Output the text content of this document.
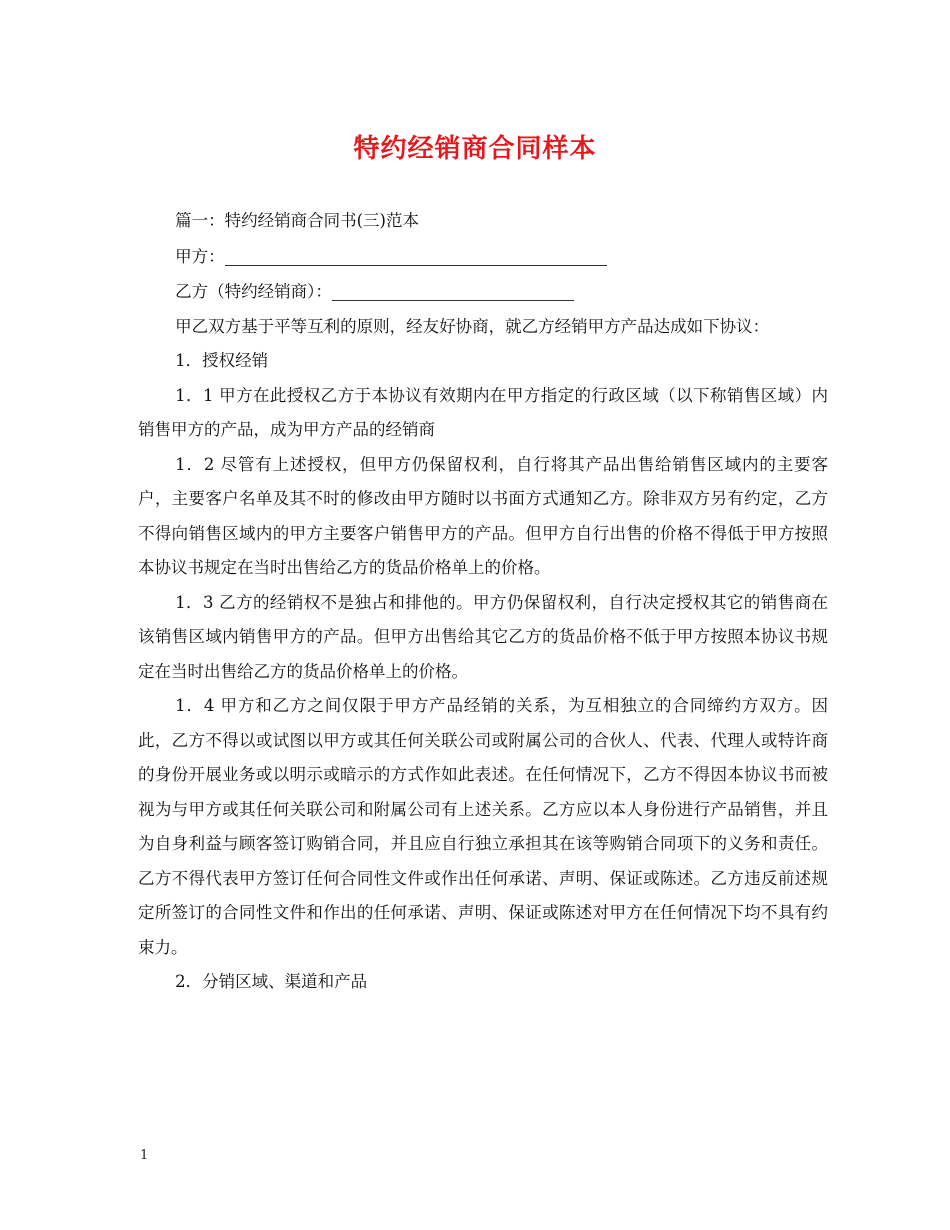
特约经销商合同样本

篇一：特约经销商合同书(三)范本

甲方：

乙方（特约经销商）：

甲乙双方基于平等互利的原则，经友好协商，就乙方经销甲方产品达成如下协议：

1．授权经销

1．1 甲方在此授权乙方于本协议有效期内在甲方指定的行政区域（以下称销售区域）内销售甲方的产品，成为甲方产品的经销商

1．2 尽管有上述授权，但甲方仍保留权利，自行将其产品出售给销售区域内的主要客户，主要客户名单及其不时的修改由甲方随时以书面方式通知乙方。除非双方另有约定，乙方不得向销售区域内的甲方主要客户销售甲方的产品。但甲方自行出售的价格不得低于甲方按照本协议书规定在当时出售给乙方的货品价格单上的价格。

1．3 乙方的经销权不是独占和排他的。甲方仍保留权利，自行决定授权其它的销售商在该销售区域内销售甲方的产品。但甲方出售给其它乙方的货品价格不低于甲方按照本协议书规定在当时出售给乙方的货品价格单上的价格。

1．4 甲方和乙方之间仅限于甲方产品经销的关系，为互相独立的合同缔约方双方。因此，乙方不得以或试图以甲方或其任何关联公司或附属公司的合伙人、代表、代理人或特许商的身份开展业务或以明示或暗示的方式作如此表述。在任何情况下，乙方不得因本协议书而被视为与甲方或其任何关联公司和附属公司有上述关系。乙方应以本人身份进行产品销售，并且为自身利益与顾客签订购销合同，并且应自行独立承担其在该等购销合同项下的义务和责任。乙方不得代表甲方签订任何合同性文件或作出任何承诺、声明、保证或陈述。乙方违反前述规定所签订的合同性文件和作出的任何承诺、声明、保证或陈述对甲方在任何情况下均不具有约束力。

2．分销区域、渠道和产品

1
